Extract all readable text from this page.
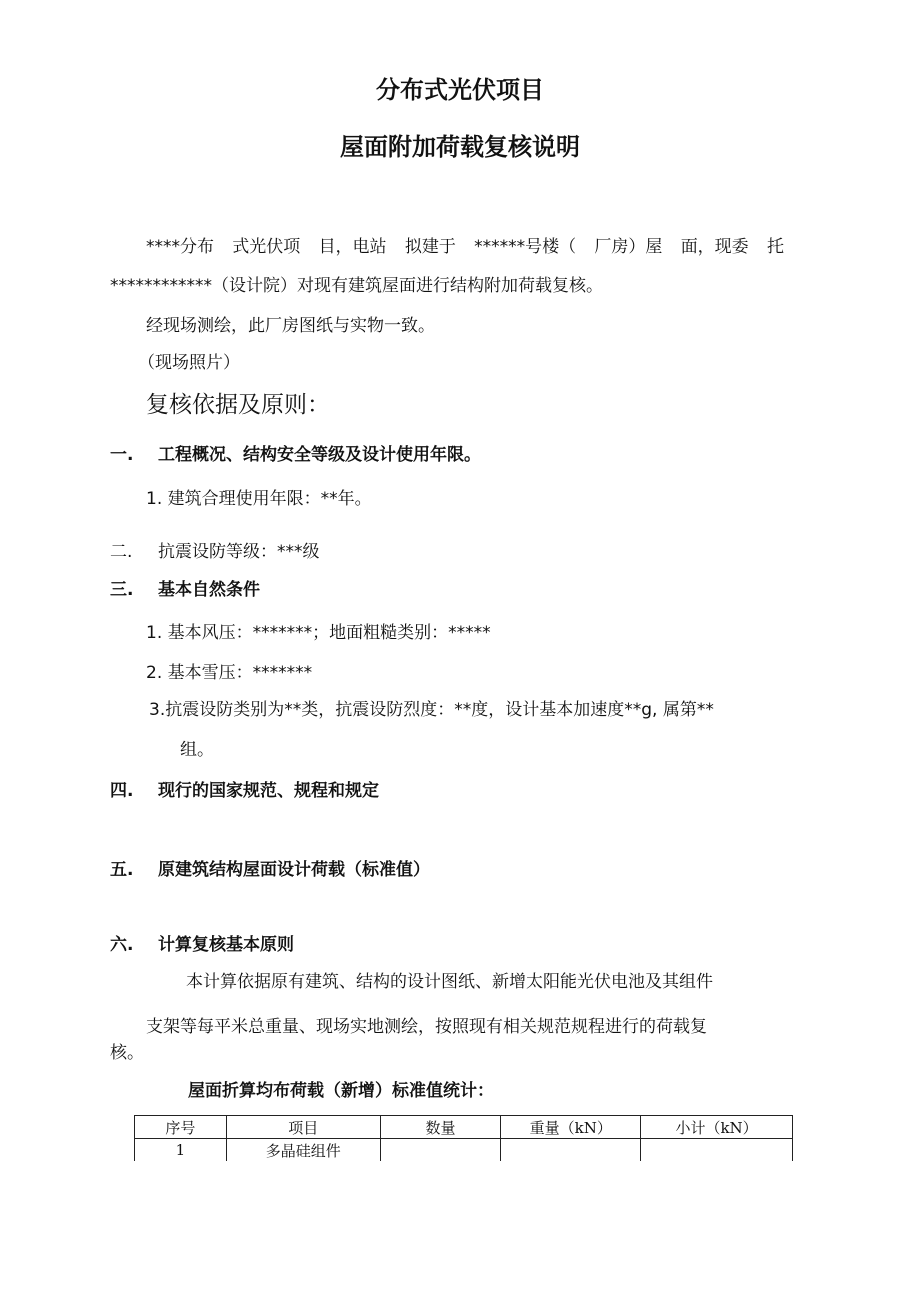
分布式光伏项目
屋面附加荷载复核说明
****分布 式光伏项 目，电站 拟建于 ******号楼（ 厂房）屋 面，现委 托
************（设计院）对现有建筑屋面进行结构附加荷载复核。
经现场测绘，此厂房图纸与实物一致。
（现场照片）
复核依据及原则：
一. 工程概况、结构安全等级及设计使用年限。
1. 建筑合理使用年限：**年。
二. 抗震设防等级：***级
三. 基本自然条件
1. 基本风压：*******；地面粗糙类别：*****
2. 基本雪压：*******
3.抗震设防类别为**类，抗震设防烈度：**度，设计基本加速度**g, 属第**
组。
四. 现行的国家规范、规程和规定
五. 原建筑结构屋面设计荷载（标准值）
六. 计算复核基本原则
本计算依据原有建筑、结构的设计图纸、新增太阳能光伏电池及其组件
支架等每平米总重量、现场实地测绘，按照现有相关规范规程进行的荷载复
核。
屋面折算均布荷载（新增）标准值统计：
序号	项目	数量	重量（kN）	小计（kN）
1	多晶硅组件			
